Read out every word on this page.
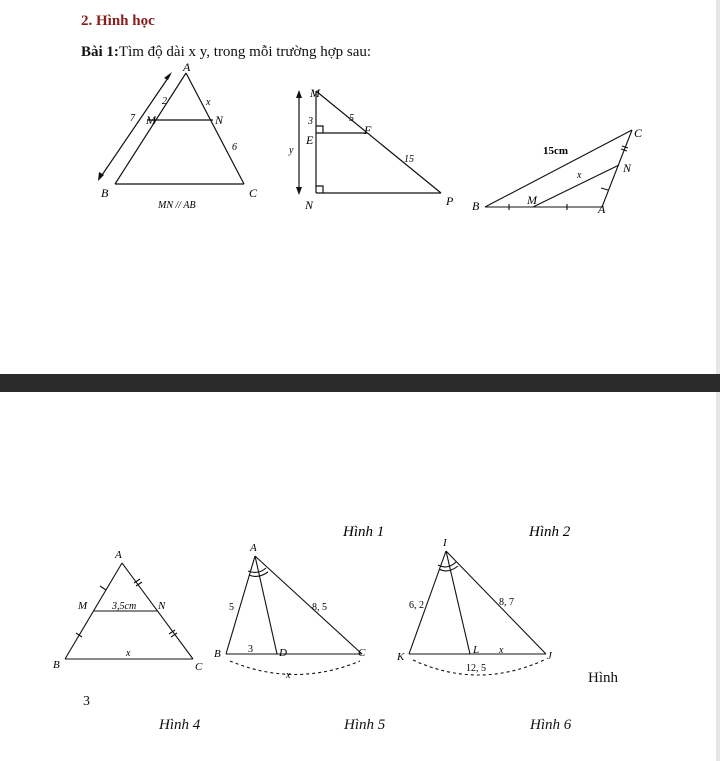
2. Hình học
Bài 1:Tìm độ dài x y, trong mỗi trường hợp sau:
A
M	N
B	C
2
7
x
6
MN // AB
M
E
F
N	P
3	5
15
y
B	M
A
N
C
15cm
x
A
M	N
B	C
3,5cm
x
A
B	D	C
5	8, 5
3
x
Hình 1
I
K
L	J
6, 2	8, 7
x
12, 5
Hình 2
Hình
3
Hình 4	Hình 5	Hình 6
